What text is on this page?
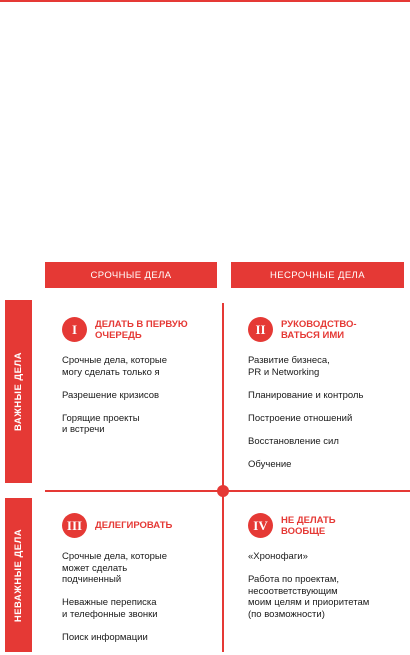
СРОЧНЫЕ ДЕЛА	НЕСРОЧНЫЕ ДЕЛА
ВАЖНЫЕ ДЕЛА
НЕВАЖНЫЕ ДЕЛА
I	ДЕЛАТЬ В ПЕРВУЮ
ОЧЕРЕДЬ
Срочные дела, которые
могу сделать только я
Разрешение кризисов
Горящие проекты
и встречи
II	РУКОВОДСТВО-
ВАТЬСЯ ИМИ
Развитие бизнеса,
PR и Networking
Планирование и контроль
Построение отношений
Восстановление сил
Обучение
III	ДЕЛЕГИРОВАТЬ
Срочные дела, которые
может сделать
подчиненный
Неважные переписка
и телефонные звонки
Поиск информации
IV	НЕ ДЕЛАТЬ
ВООБЩЕ
«Хронофаги»
Работа по проектам,
несоответствующим
моим целям и приоритетам
(по возможности)
